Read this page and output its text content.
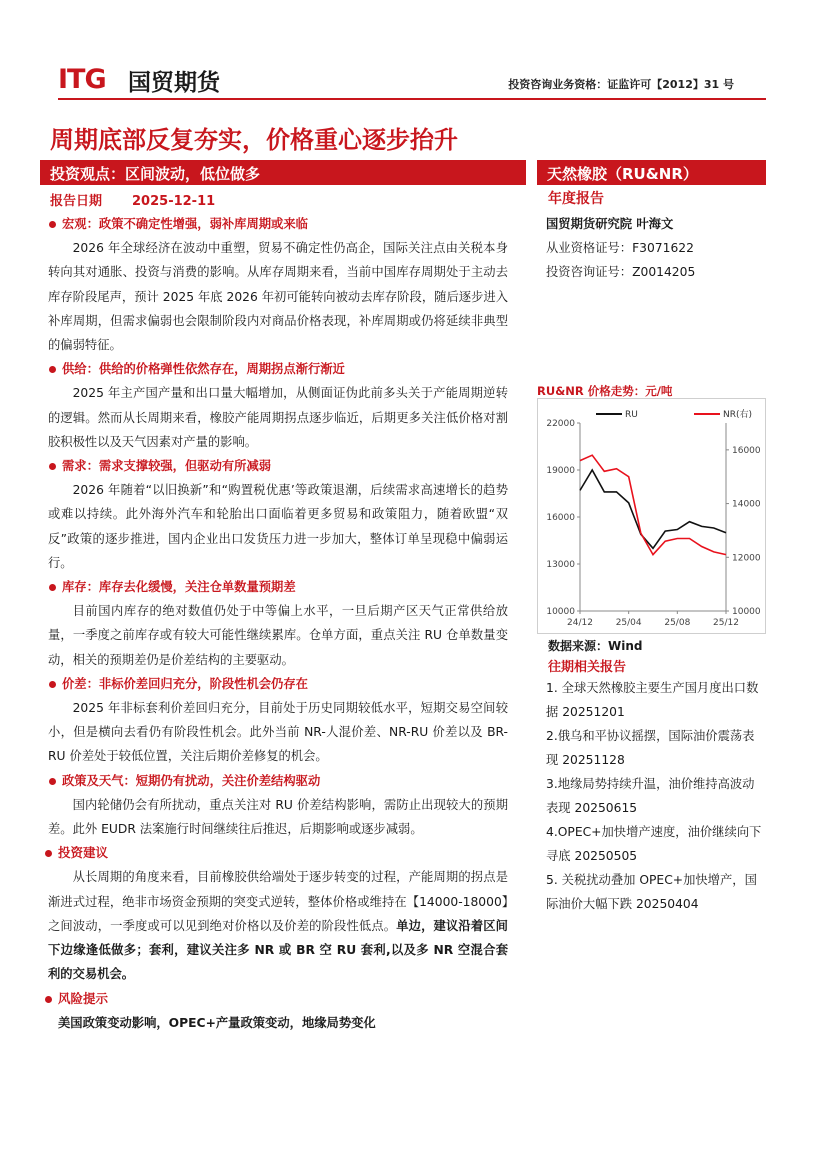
ITG 国贸期货	投资咨询业务资格：证监许可【2012】31 号
周期底部反复夯实，价格重心逐步抬升
投资观点：区间波动，低位做多	天然橡胶（RU&NR）
报告日期 2025-12-11	年度报告
宏观：政策不确定性增强，弱补库周期或来临
2026 年全球经济在波动中重塑，贸易不确定性仍高企，国际关注点由关税本身转向其对通胀、投资与消费的影响。从库存周期来看，当前中国库存周期处于主动去库存阶段尾声，预计 2025 年底 2026 年初可能转向被动去库存阶段，随后逐步进入补库周期，但需求偏弱也会限制阶段内对商品价格表现，补库周期或仍将延续非典型的偏弱特征。
供给：供给的价格弹性依然存在，周期拐点渐行渐近
2025 年主产国产量和出口量大幅增加，从侧面证伪此前多头关于产能周期逆转的逻辑。然而从长周期来看，橡胶产能周期拐点逐步临近，后期更多关注低价格对割胶积极性以及天气因素对产量的影响。
需求：需求支撑较强，但驱动有所减弱
2026 年随着“以旧换新”和“购置税优惠’等政策退潮，后续需求高速增长的趋势或难以持续。此外海外汽车和轮胎出口面临着更多贸易和政策阻力，随着欧盟“双反”政策的逐步推进，国内企业出口发货压力进一步加大，整体订单呈现稳中偏弱运行。
库存：库存去化缓慢，关注仓单数量预期差
目前国内库存的绝对数值仍处于中等偏上水平，一旦后期产区天气正常供给放量，一季度之前库存或有较大可能性继续累库。仓单方面，重点关注 RU 仓单数量变动，相关的预期差仍是价差结构的主要驱动。
价差：非标价差回归充分，阶段性机会仍存在
2025 年非标套利价差回归充分，目前处于历史同期较低水平，短期交易空间较小，但是横向去看仍有阶段性机会。此外当前 NR-人混价差、NR-RU 价差以及 BR-RU 价差处于较低位置，关注后期价差修复的机会。
政策及天气：短期仍有扰动，关注价差结构驱动
国内轮储仍会有所扰动，重点关注对 RU 价差结构影响，需防止出现较大的预期差。此外 EUDR 法案施行时间继续往后推迟，后期影响或逐步减弱。
投资建议
从长周期的角度来看，目前橡胶供给端处于逐步转变的过程，产能周期的拐点是渐进式过程，绝非市场资金预期的突变式逆转，整体价格或维持在【14000-18000】之间波动，一季度或可以见到绝对价格以及价差的阶段性低点。单边，建议沿着区间下边缘逢低做多；套利，建议关注多 NR 或 BR 空 RU 套利,以及多 NR 空混合套利的交易机会。
风险提示
美国政策变动影响，OPEC+产量政策变动，地缘局势变化
国贸期货研究院 叶海文
从业资格证号：F3071622
投资咨询证号：Z0014205
RU&NR 价格走势：元/吨
22000
19000
16000
13000
10000
16000
14000
12000
10000
24/12	25/04	25/08	25/12
RU	NR(右)
数据来源：Wind
往期相关报告
1. 全球天然橡胶主要生产国月度出口数据 20251201
2.俄乌和平协议摇摆，国际油价震荡表现 20251128
3.地缘局势持续升温，油价维持高波动表现 20250615
4.OPEC+加快增产速度，油价继续向下寻底 20250505
5. 关税扰动叠加 OPEC+加快增产，国际油价大幅下跌 20250404
